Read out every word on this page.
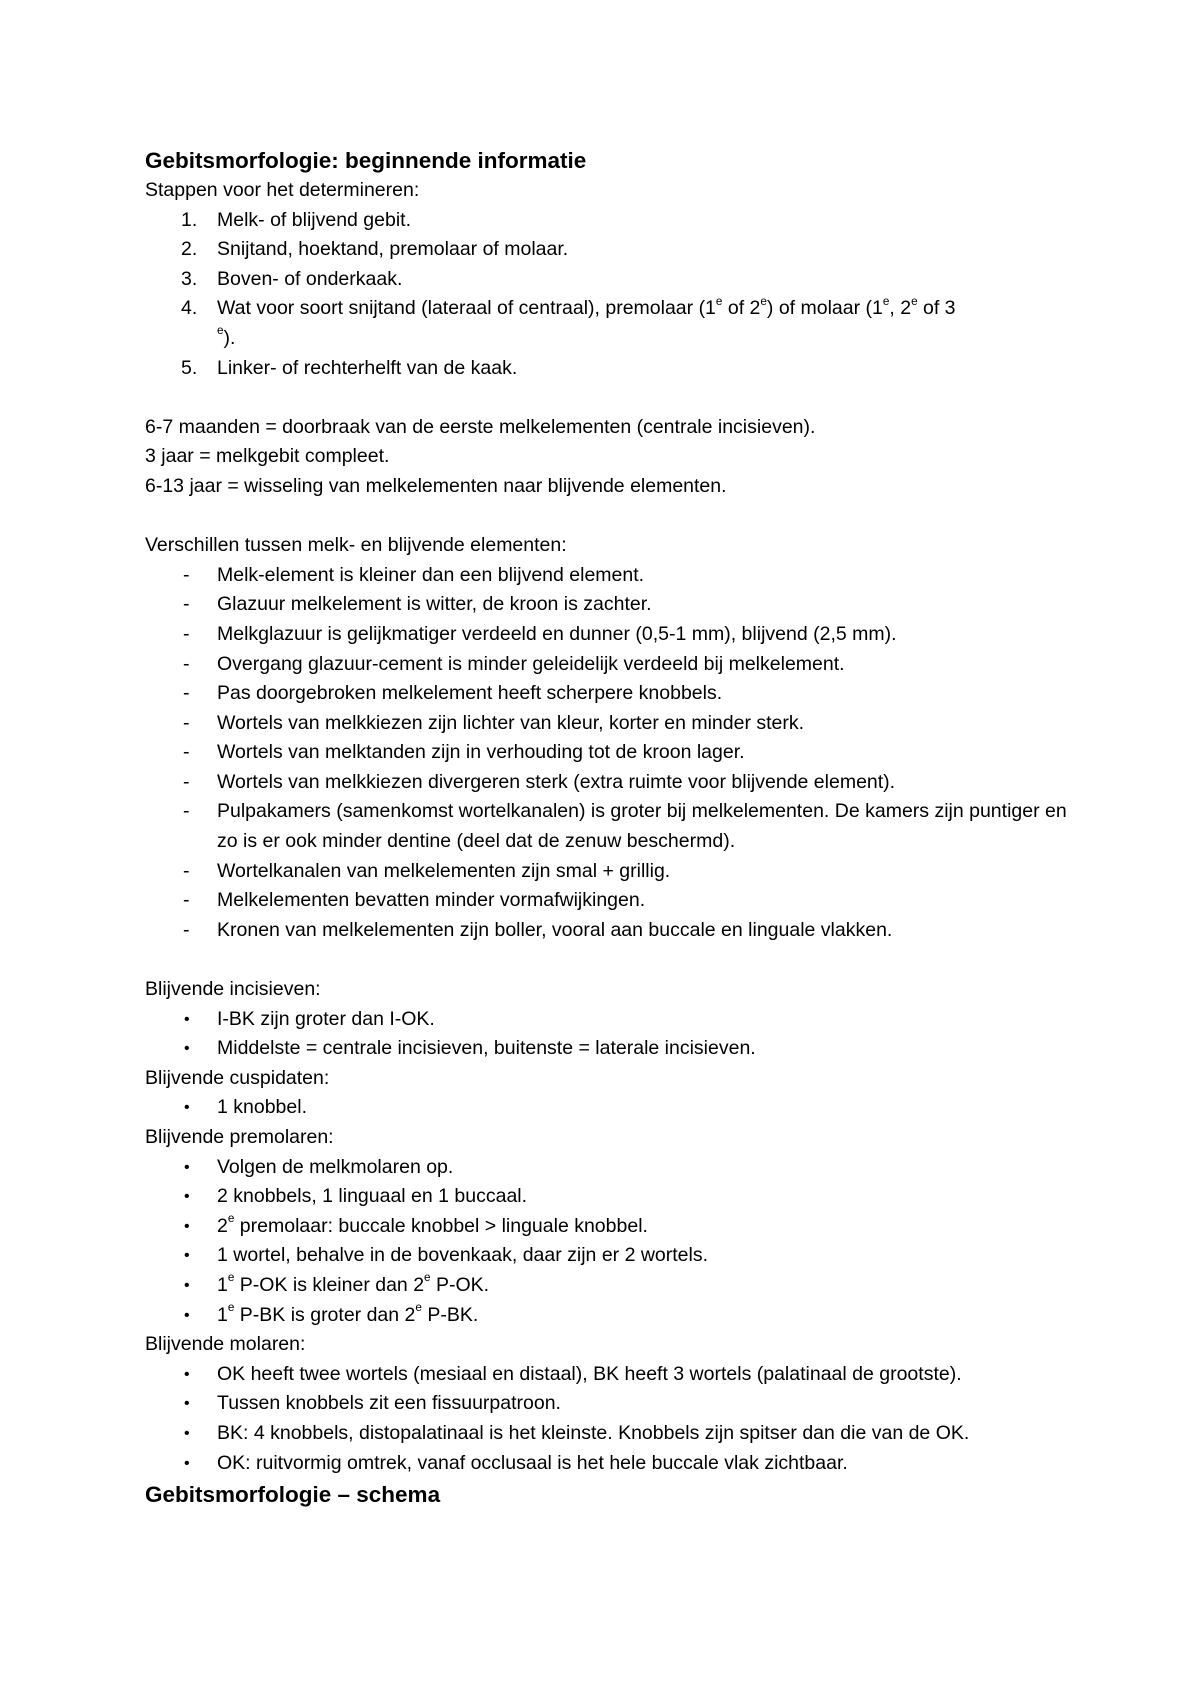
Gebitsmorfologie: beginnende informatie

Stappen voor het determineren:

1. Melk- of blijvend gebit.
2. Snijtand, hoektand, premolaar of molaar.
3. Boven- of onderkaak.
4. Wat voor soort snijtand (lateraal of centraal), premolaar (1e of 2e) of molaar (1e, 2e of 3
$^e$).
5. Linker- of rechterhelft van de kaak.

6-7 maanden = doorbraak van de eerste melkelementen (centrale incisieven).

3 jaar = melkgebit compleet.

6-13 jaar = wisseling van melkelementen naar blijvende elementen.

Verschillen tussen melk- en blijvende elementen:

- Melk-element is kleiner dan een blijvend element.
- Glazuur melkelement is witter, de kroon is zachter.
- Melkglazuur is gelijkmatiger verdeeld en dunner (0,5-1 mm), blijvend (2,5 mm).
- Overgang glazuur-cement is minder geleidelijk verdeeld bij melkelement.
- Pas doorgebroken melkelement heeft scherpere knobbels.
- Wortels van melkkiezen zijn lichter van kleur, korter en minder sterk.
- Wortels van melktanden zijn in verhouding tot de kroon lager.
- Wortels van melkkiezen divergeren sterk (extra ruimte voor blijvende element).
- Pulpakamers (samenkomst wortelkanalen) is groter bij melkelementen. De kamers zijn puntiger en zo is er ook minder dentine (deel dat de zenuw beschermd).
- Wortelkanalen van melkelementen zijn smal + grillig.
- Melkelementen bevatten minder vormafwijkingen.
- Kronen van melkelementen zijn boller, vooral aan buccale en linguale vlakken.

Blijvende incisieven:

• I-BK zijn groter dan I-OK.
• Middelste = centrale incisieven, buitenste = laterale incisieven.

Blijvende cuspidaten:

• 1 knobbel.

Blijvende premolaren:

• Volgen de melkmolaren op.
• 2 knobbels, 1 linguaal en 1 buccaal.
• 2e premolaar: buccale knobbel > linguale knobbel.
• 1 wortel, behalve in de bovenkaak, daar zijn er 2 wortels.
• 1e P-OK is kleiner dan 2e P-OK.
• 1e P-BK is groter dan 2e P-BK.

Blijvende molaren:

• OK heeft twee wortels (mesiaal en distaal), BK heeft 3 wortels (palatinaal de grootste).
• Tussen knobbels zit een fissuurpatroon.
• BK: 4 knobbels, distopalatinaal is het kleinste. Knobbels zijn spitser dan die van de OK.
• OK: ruitvormig omtrek, vanaf occlusaal is het hele buccale vlak zichtbaar.
Gebitsmorfologie – schema
